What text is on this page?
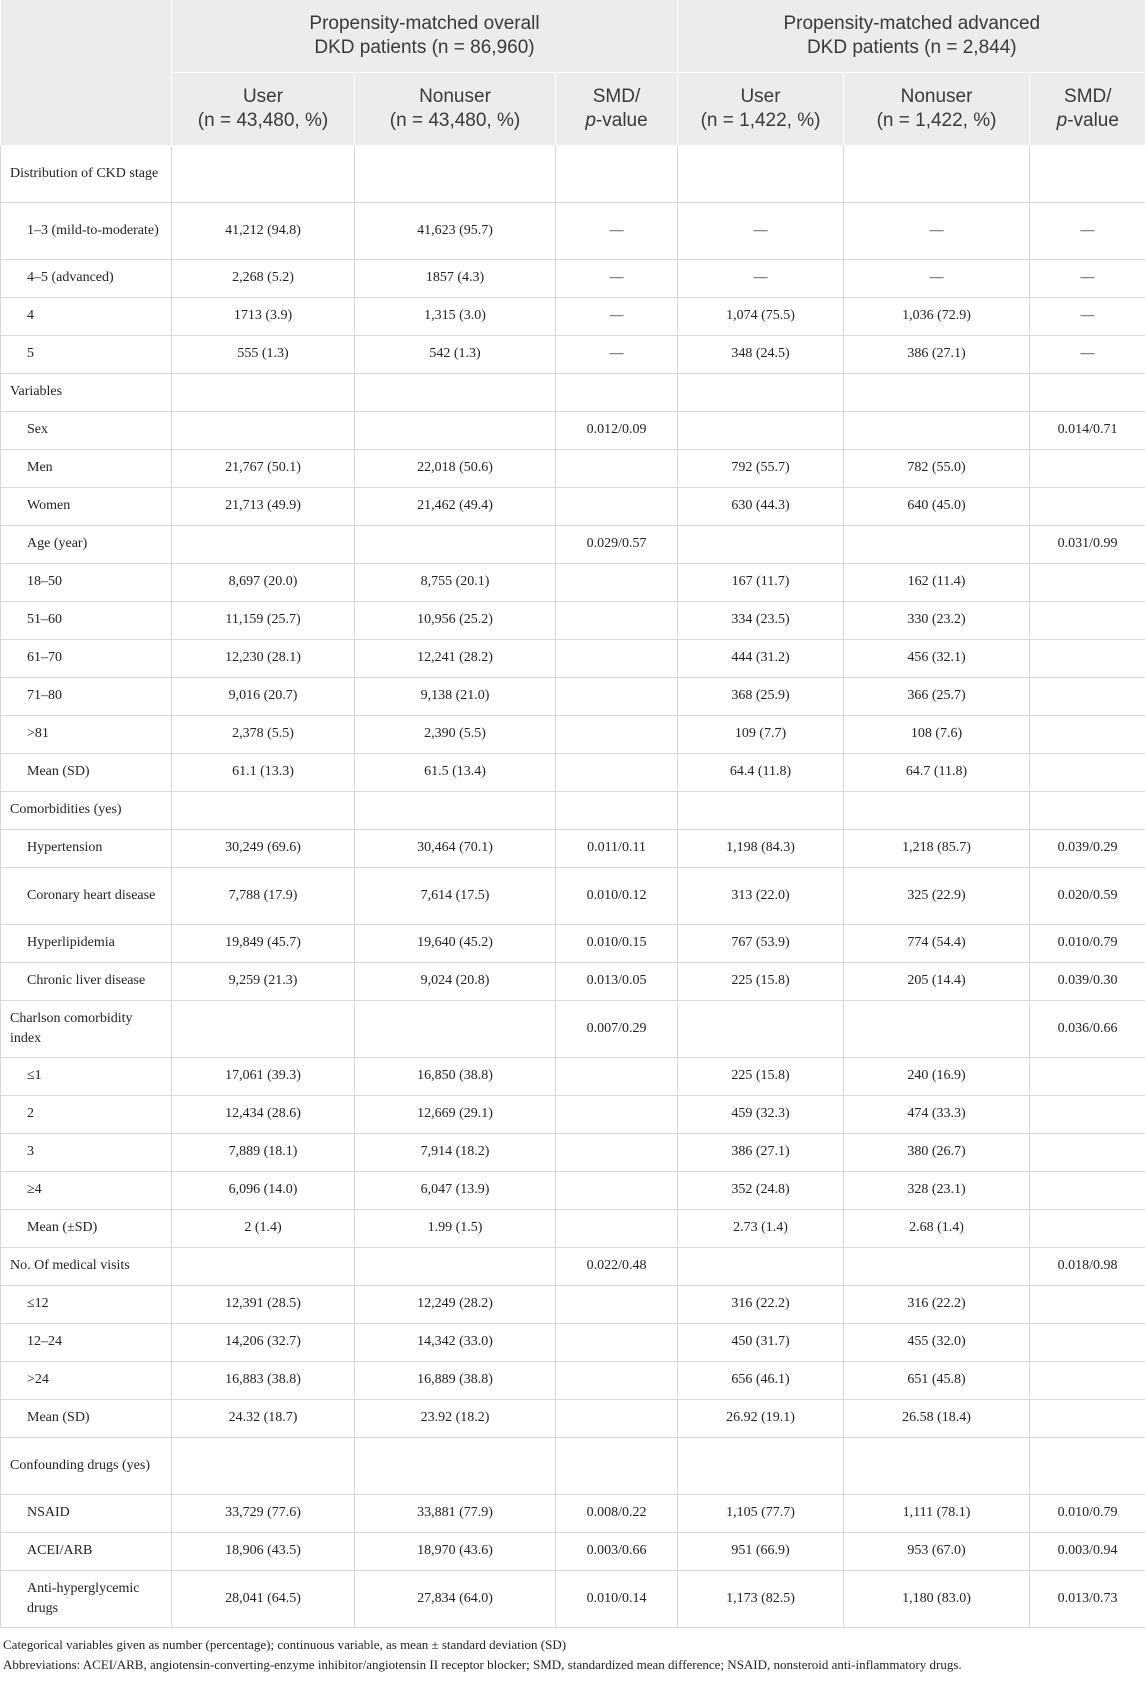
	Propensity-matched overall
DKD patients (n = 86,960)			Propensity-matched advanced
DKD patients (n = 2,844)		
	User
(n = 43,480, %)	Nonuser
(n = 43,480, %)	SMD/
p-value	User
(n = 1,422, %)	Nonuser
(n = 1,422, %)	SMD/
p-value
Distribution of CKD stage						
1–3 (mild-to-moderate)	41,212 (94.8)	41,623 (95.7)	—	—	—	—
4–5 (advanced)	2,268 (5.2)	1857 (4.3)	—	—	—	—
4	1713 (3.9)	1,315 (3.0)	—	1,074 (75.5)	1,036 (72.9)	—
5	555 (1.3)	542 (1.3)	—	348 (24.5)	386 (27.1)	—
Variables						
Sex			0.012/0.09			0.014/0.71
Men	21,767 (50.1)	22,018 (50.6)		792 (55.7)	782 (55.0)	
Women	21,713 (49.9)	21,462 (49.4)		630 (44.3)	640 (45.0)	
Age (year)			0.029/0.57			0.031/0.99
18–50	8,697 (20.0)	8,755 (20.1)		167 (11.7)	162 (11.4)	
51–60	11,159 (25.7)	10,956 (25.2)		334 (23.5)	330 (23.2)	
61–70	12,230 (28.1)	12,241 (28.2)		444 (31.2)	456 (32.1)	
71–80	9,016 (20.7)	9,138 (21.0)		368 (25.9)	366 (25.7)	
>81	2,378 (5.5)	2,390 (5.5)		109 (7.7)	108 (7.6)	
Mean (SD)	61.1 (13.3)	61.5 (13.4)		64.4 (11.8)	64.7 (11.8)	
Comorbidities (yes)						
Hypertension	30,249 (69.6)	30,464 (70.1)	0.011/0.11	1,198 (84.3)	1,218 (85.7)	0.039/0.29
Coronary heart disease	7,788 (17.9)	7,614 (17.5)	0.010/0.12	313 (22.0)	325 (22.9)	0.020/0.59
Hyperlipidemia	19,849 (45.7)	19,640 (45.2)	0.010/0.15	767 (53.9)	774 (54.4)	0.010/0.79
Chronic liver disease	9,259 (21.3)	9,024 (20.8)	0.013/0.05	225 (15.8)	205 (14.4)	0.039/0.30
Charlson comorbidity index			0.007/0.29			0.036/0.66
≤1	17,061 (39.3)	16,850 (38.8)		225 (15.8)	240 (16.9)	
2	12,434 (28.6)	12,669 (29.1)		459 (32.3)	474 (33.3)	
3	7,889 (18.1)	7,914 (18.2)		386 (27.1)	380 (26.7)	
≥4	6,096 (14.0)	6,047 (13.9)		352 (24.8)	328 (23.1)	
Mean (±SD)	2 (1.4)	1.99 (1.5)		2.73 (1.4)	2.68 (1.4)	
No. Of medical visits			0.022/0.48			0.018/0.98
≤12	12,391 (28.5)	12,249 (28.2)		316 (22.2)	316 (22.2)	
12–24	14,206 (32.7)	14,342 (33.0)		450 (31.7)	455 (32.0)	
>24	16,883 (38.8)	16,889 (38.8)		656 (46.1)	651 (45.8)	
Mean (SD)	24.32 (18.7)	23.92 (18.2)		26.92 (19.1)	26.58 (18.4)	
Confounding drugs (yes)						
NSAID	33,729 (77.6)	33,881 (77.9)	0.008/0.22	1,105 (77.7)	1,111 (78.1)	0.010/0.79
ACEI/ARB	18,906 (43.5)	18,970 (43.6)	0.003/0.66	951 (66.9)	953 (67.0)	0.003/0.94
Anti-hyperglycemic drugs	28,041 (64.5)	27,834 (64.0)	0.010/0.14	1,173 (82.5)	1,180 (83.0)	0.013/0.73
Categorical variables given as number (percentage); continuous variable, as mean ± standard deviation (SD)
Abbreviations: ACEI/ARB, angiotensin-converting-enzyme inhibitor/angiotensin II receptor blocker; SMD, standardized mean difference; NSAID, nonsteroid anti-inflammatory drugs.
